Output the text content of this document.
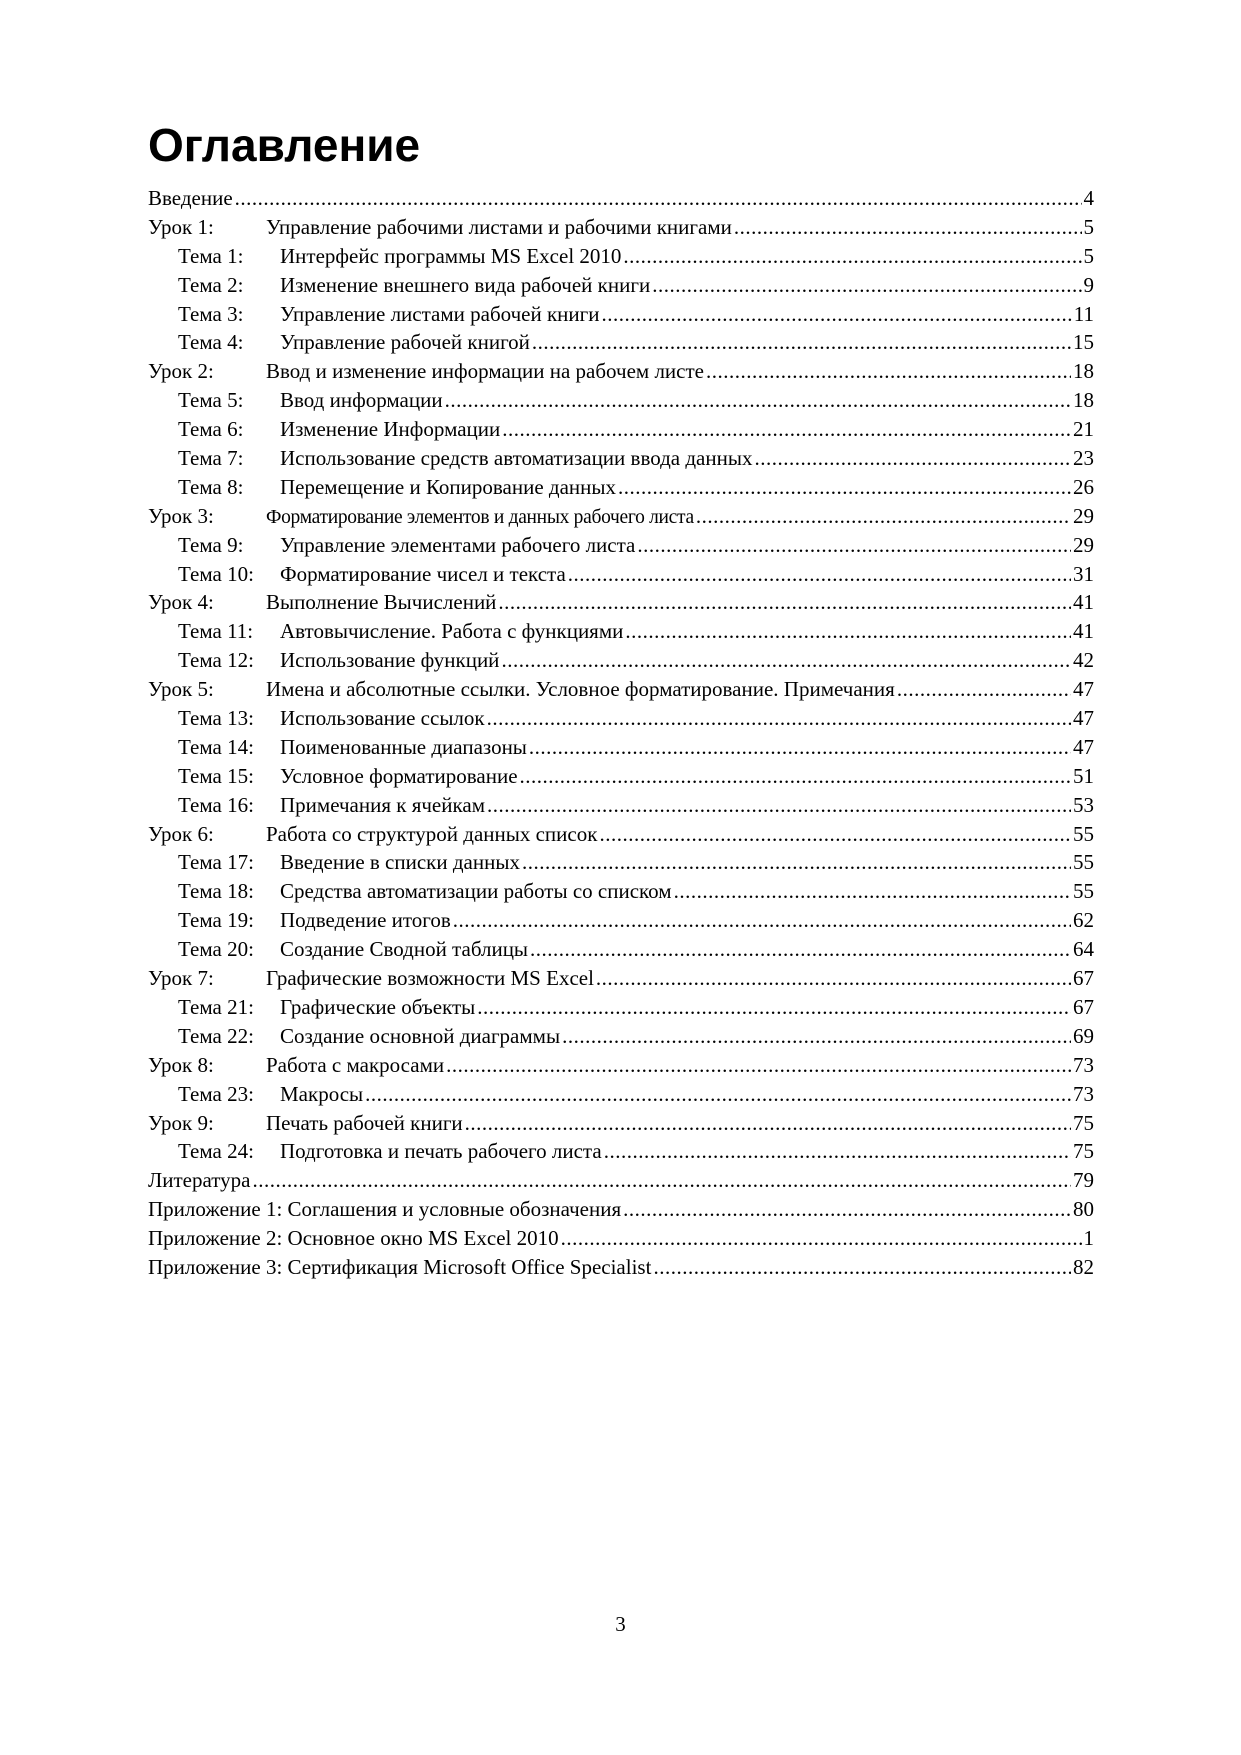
Оглавление
Введение .....	4
Урок 1:	Управление рабочими листами и рабочими книгами .....	5
Тема 1:	Интерфейс программы MS Excel 2010 .....	5
Тема 2:	Изменение внешнего вида рабочей книги .....	9
Тема 3:	Управление листами рабочей книги .....	11
Тема 4:	Управление рабочей книгой .....	15
Урок 2:	Ввод и изменение информации на рабочем листе .....	18
Тема 5:	Ввод информации .....	18
Тема 6:	Изменение Информации .....	21
Тема 7:	Использование средств автоматизации ввода данных .....	23
Тема 8:	Перемещение и Копирование данных .....	26
Урок 3:	Форматирование элементов и данных рабочего листа .....	29
Тема 9:	Управление элементами рабочего листа .....	29
Тема 10:	Форматирование чисел и текста .....	31
Урок 4:	Выполнение Вычислений .....	41
Тема 11:	Автовычисление. Работа с функциями .....	41
Тема 12:	Использование функций .....	42
Урок 5:	Имена и абсолютные ссылки. Условное форматирование. Примечания .....	47
Тема 13:	Использование ссылок .....	47
Тема 14:	Поименованные диапазоны .....	47
Тема 15:	Условное форматирование .....	51
Тема 16:	Примечания к ячейкам .....	53
Урок 6:	Работа со структурой данных список .....	55
Тема 17:	Введение в списки данных .....	55
Тема 18:	Средства автоматизации работы со списком .....	55
Тема 19:	Подведение итогов .....	62
Тема 20:	Создание Сводной таблицы .....	64
Урок 7:	Графические возможности MS Excel .....	67
Тема 21:	Графические объекты .....	67
Тема 22:	Создание основной диаграммы .....	69
Урок 8:	Работа с макросами .....	73
Тема 23:	Макросы .....	73
Урок 9:	Печать рабочей книги .....	75
Тема 24:	Подготовка и печать рабочего листа .....	75
Литература .....	79
Приложение 1: Соглашения и условные обозначения .....	80
Приложение 2: Основное окно MS Excel 2010 .....	1
Приложение 3: Сертификация Microsoft Office Specialist .....	82
3
